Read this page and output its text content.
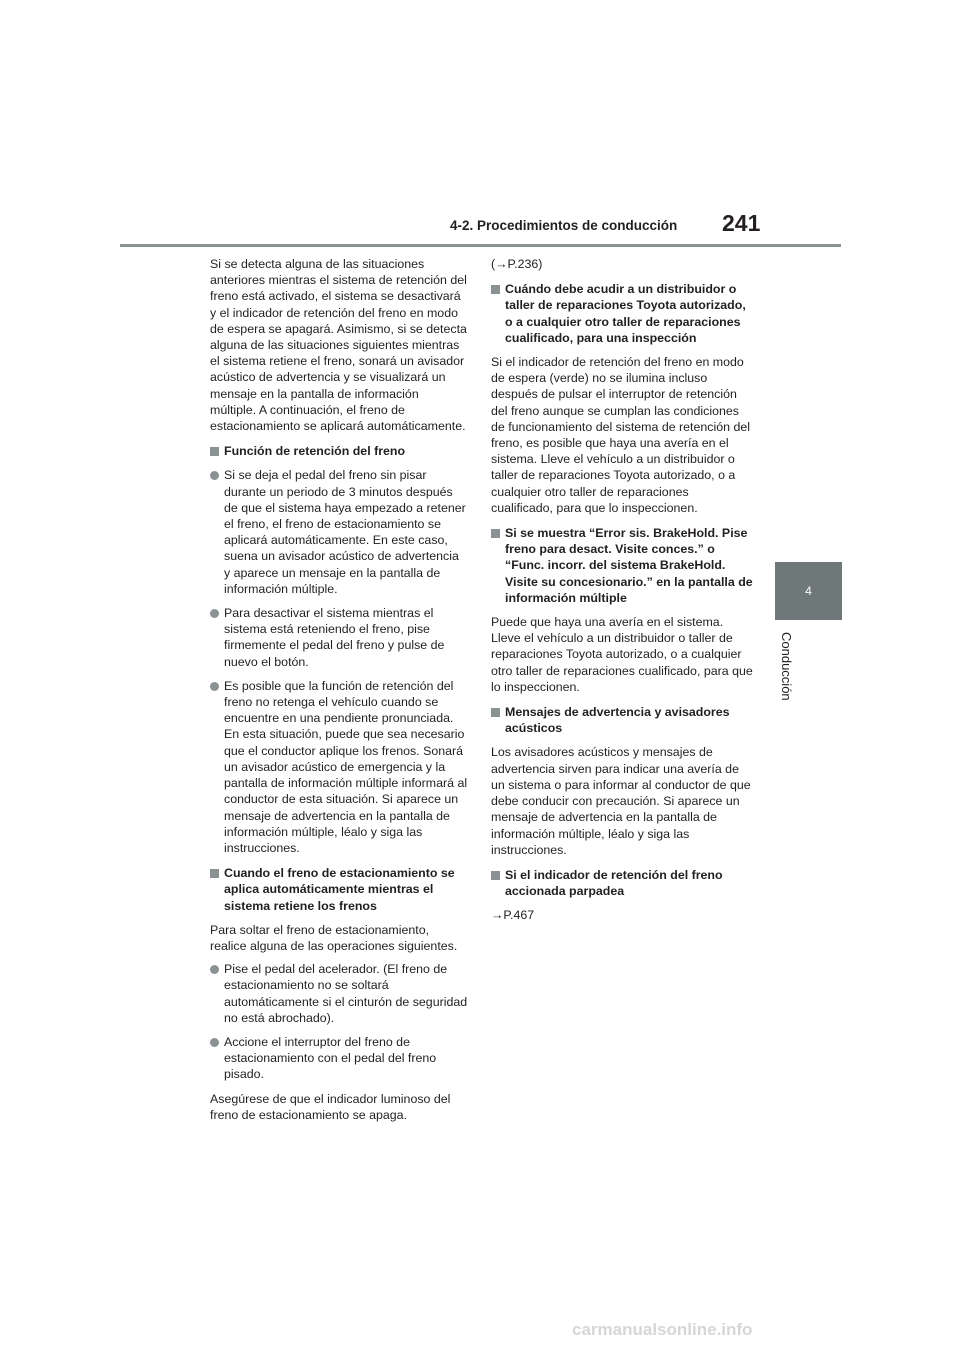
4-2. Procedimientos de conducción 241
4
Conducción

Si se detecta alguna de las situaciones anteriores mientras el sistema de retención del freno está activado, el sistema se desactivará y el indicador de retención del freno en modo de espera se apagará. Asimismo, si se detecta alguna de las situaciones siguientes mientras el sistema retiene el freno, sonará un avisador acústico de advertencia y se visualizará un mensaje en la pantalla de información múltiple. A continuación, el freno de estacionamiento se aplicará automáticamente.

Función de retención del freno
Si se deja el pedal del freno sin pisar durante un periodo de 3 minutos después de que el sistema haya empezado a retener el freno, el freno de estacionamiento se aplicará automáticamente. En este caso, suena un avisador acústico de advertencia y aparece un mensaje en la pantalla de información múltiple.
Para desactivar el sistema mientras el sistema está reteniendo el freno, pise firmemente el pedal del freno y pulse de nuevo el botón.
Es posible que la función de retención del freno no retenga el vehículo cuando se encuentre en una pendiente pronunciada. En esta situación, puede que sea necesario que el conductor aplique los frenos. Sonará un avisador acústico de emergencia y la pantalla de información múltiple informará al conductor de esta situación. Si aparece un mensaje de advertencia en la pantalla de información múltiple, léalo y siga las instrucciones.
Cuando el freno de estacionamiento se aplica automáticamente mientras el sistema retiene los frenos

Para soltar el freno de estacionamiento, realice alguna de las operaciones siguientes.

Pise el pedal del acelerador. (El freno de estacionamiento no se soltará automáticamente si el cinturón de seguridad no está abrochado).
Accione el interruptor del freno de estacionamiento con el pedal del freno pisado.

Asegúrese de que el indicador luminoso del freno de estacionamiento se apaga.

(→P.236)

Cuándo debe acudir a un distribuidor o taller de reparaciones Toyota autorizado, o a cualquier otro taller de reparaciones cualificado, para una inspección

Si el indicador de retención del freno en modo de espera (verde) no se ilumina incluso después de pulsar el interruptor de retención del freno aunque se cumplan las condiciones de funcionamiento del sistema de retención del freno, es posible que haya una avería en el sistema. Lleve el vehículo a un distribuidor o taller de reparaciones Toyota autorizado, o a cualquier otro taller de reparaciones cualificado, para que lo inspeccionen.

Si se muestra “Error sis. BrakeHold. Pise freno para desact. Visite conces.” o “Func. incorr. del sistema BrakeHold. Visite su concesionario.” en la pantalla de información múltiple

Puede que haya una avería en el sistema. Lleve el vehículo a un distribuidor o taller de reparaciones Toyota autorizado, o a cualquier otro taller de reparaciones cualificado, para que lo inspeccionen.

Mensajes de advertencia y avisadores acústicos

Los avisadores acústicos y mensajes de advertencia sirven para indicar una avería de un sistema o para informar al conductor de que debe conducir con precaución. Si aparece un mensaje de advertencia en la pantalla de información múltiple, léalo y siga las instrucciones.

Si el indicador de retención del freno accionada parpadea

→P.467

carmanualsonline.info
